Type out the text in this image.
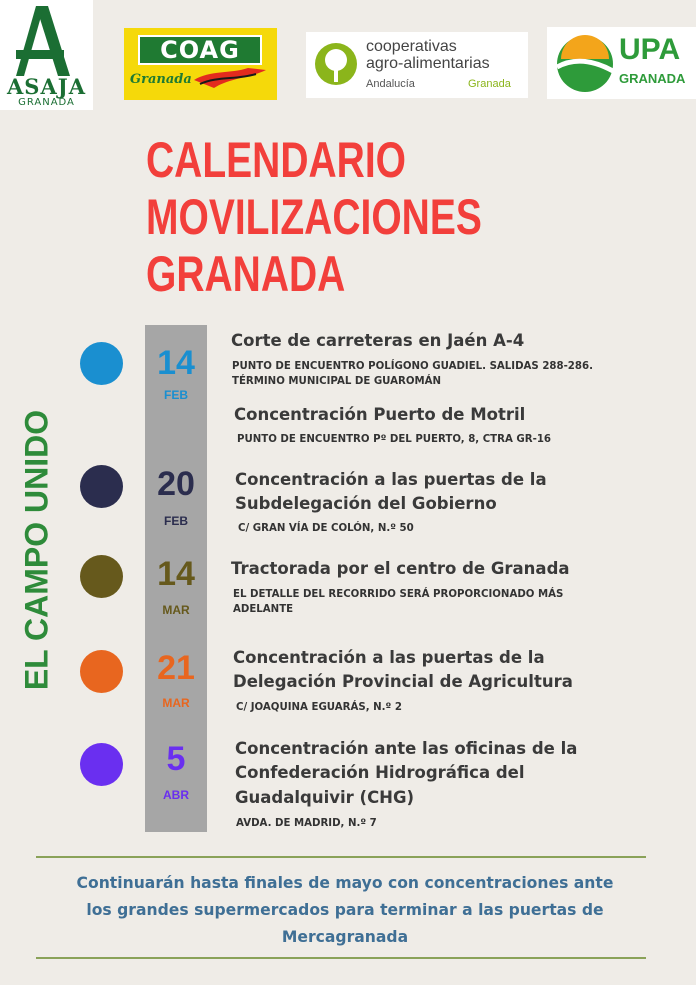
ASAJA
GRANADA
COAG
Granada
cooperativas
agro-alimentarias
Andalucía	Granada
UPA
GRANADA
CALENDARIO
MOVILIZACIONES
GRANADA
EL CAMPO UNIDO
14
FEB
Corte de carreteras en Jaén A-4
PUNTO DE ENCUENTRO POLÍGONO GUADIEL. SALIDAS 288-286.
TÉRMINO MUNICIPAL DE GUAROMÁN
Concentración Puerto de Motril
PUNTO DE ENCUENTRO Pº DEL PUERTO, 8, CTRA GR-16
20
FEB
Concentración a las puertas de la
Subdelegación del Gobierno
C/ GRAN VÍA DE COLÓN, N.º 50
14
MAR
Tractorada por el centro de Granada
EL DETALLE DEL RECORRIDO SERÁ PROPORCIONADO MÁS
ADELANTE
21
MAR
Concentración a las puertas de la
Delegación Provincial de Agricultura
C/ JOAQUINA EGUARÁS, N.º 2
5
ABR
Concentración ante las oficinas de la
Confederación Hidrográfica del
Guadalquivir (CHG)
AVDA. DE MADRID, N.º 7
Continuarán hasta finales de mayo con concentraciones ante
los grandes supermercados para terminar a las puertas de
Mercagranada
